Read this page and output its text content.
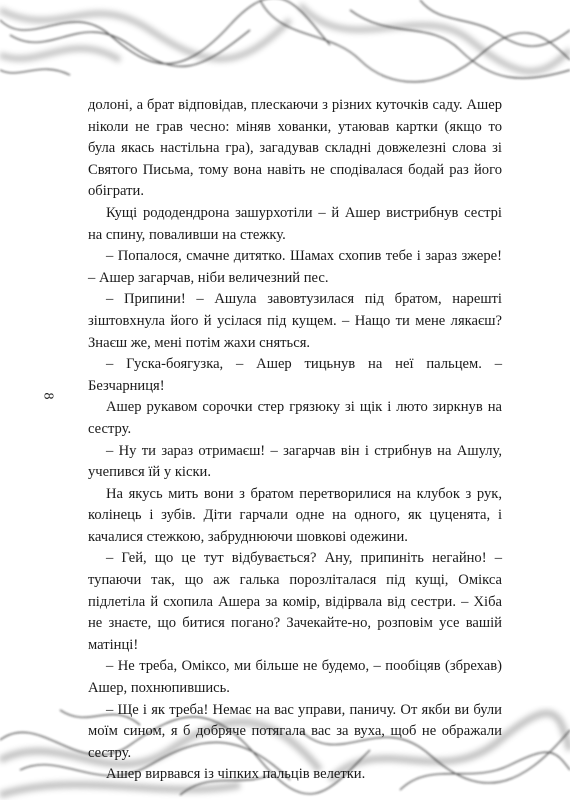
8

долоні, а брат відповідав, плескаючи з різних куточків саду. Ашер ніколи не грав чесно: міняв хованки, утаював картки (якщо то була якась настільна гра), загадував складні довжелезні слова зі Святого Письма, тому вона навіть не сподівалася бодай раз його обіграти.

Кущі рододендрона зашурхотіли – й Ашер вистрибнув сестрі на спину, поваливши на стежку.

– Попалося, смачне дитятко. Шамах схопив тебе і зараз зжере! – Ашер загарчав, ніби величезний пес.

– Припини! – Ашула завовтузилася під братом, нарешті зіштовхнула його й усілася під кущем. – Нащо ти мене лякаєш? Знаєш же, мені потім жахи сняться.

– Гуска-боягузка, – Ашер тицьнув на неї пальцем. – Безчарниця!

Ашер рукавом сорочки стер грязюку зі щік і люто зиркнув на сестру.

– Ну ти зараз отримаєш! – загарчав він і стрибнув на Ашулу, учепився їй у кіски.

На якусь мить вони з братом перетворилися на клубок з рук, колінець і зубів. Діти гарчали одне на одного, як цуценята, і качалися стежкою, забруднюючи шовкові одежини.

– Гей, що це тут відбувається? Ану, припиніть негайно! – тупаючи так, що аж галька порозліталася під кущі, Омікса підлетіла й схопила Ашера за комір, відірвала від сестри. – Хіба не знаєте, що битися погано? Зачекайте-но, розповім усе вашій матінці!

– Не треба, Оміксо, ми більше не будемо, – пообіцяв (збрехав) Ашер, похнюпившись.

– Ще і як треба! Немає на вас управи, паничу. От якби ви були моїм сином, я б добряче потягала вас за вуха, щоб не ображали сестру.

Ашер вирвався із чіпких пальців велетки.
